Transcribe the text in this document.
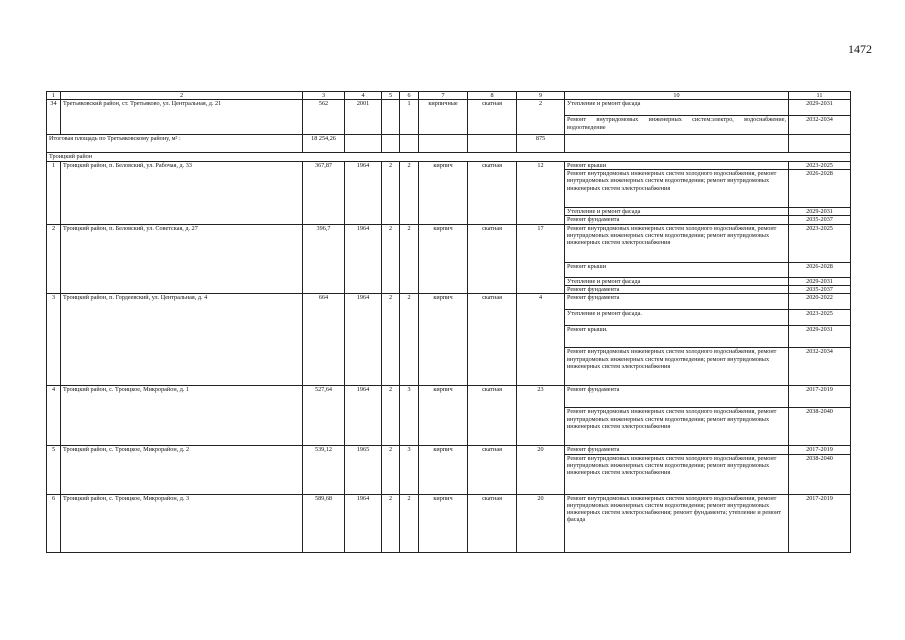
1472
1	2	3	4	5	6	7	8	9	10	11
34	Третьяковский район, ст. Третьяково, ул. Центральная, д. 21	562	2001		1	кирпичные	скатная	2	Утепление и ремонт фасада	2029-2031
									Ремонт внутридомовых инженерных систем:электро, водоснабжение, водоотведение	2032-2034
Итоговая площадь по Третьяковскому району, м² :		18 254,26						875		
Троицкий район										
1	Троицкий район, п. Беловский, ул. Рабочая, д. 33	367,87	1964	2	2	кирпич	скатная	12	Ремонт крыши	2023-2025
									Ремонт внутридомовых инженерных систем холодного водоснабжения, ремонт внутридомовых инженерных систем водоотведения; ремонт внутридомовых инженерных систем электроснабжения	2026-2028
									Утепление и ремонт фасада	2029-2031
									Ремонт фундамента	2035-2037
2	Троицкий район, п. Беловский, ул. Советская, д. 27	396,7	1964	2	2	кирпич	скатная	17	Ремонт внутридомовых инженерных систем холодного водоснабжения, ремонт внутридомовых инженерных систем водоотведения; ремонт внутридомовых инженерных систем электроснабжения	2023-2025
									Ремонт крыши	2026-2028
									Утепление и ремонт фасада	2029-2031
									Ремонт фундамента	2035-2037
3	Троицкий район, п. Гордеевский, ул. Центральная, д. 4	664	1964	2	2	кирпич	скатная	4	Ремонт фундамента	2020-2022
									Утепление и ремонт фасада.	2023-2025
									Ремонт крыши.	2029-2031
									Ремонт внутридомовых инженерных систем холодного водоснабжения, ремонт внутридомовых инженерных систем водоотведения; ремонт внутридомовых инженерных систем электроснабжения	2032-2034
4	Троицкий район, с. Троицкое, Микрорайон, д. 1	527,64	1964	2	3	кирпич	скатная	23	Ремонт фундамента	2017-2019
									Ремонт внутридомовых инженерных систем холодного водоснабжения, ремонт внутридомовых инженерных систем водоотведения; ремонт внутридомовых инженерных систем электроснабжения	2038-2040
5	Троицкий район, с. Троицкое, Микрорайон, д. 2	539,12	1965	2	3	кирпич	скатная	20	Ремонт фундамента	2017-2019
									Ремонт внутридомовых инженерных систем холодного водоснабжения, ремонт внутридомовых инженерных систем водоотведения; ремонт внутридомовых инженерных систем электроснабжения	2038-2040
6	Троицкий район, с. Троицкое, Микрорайон, д. 3	589,68	1964	2	2	кирпич	скатная	20	Ремонт внутридомовых инженерных систем холодного водоснабжения, ремонт внутридомовых инженерных систем водоотведения; ремонт внутридомовых инженерных систем электроснабжения; ремонт фундамента; утепление и ремонт фасада	2017-2019
